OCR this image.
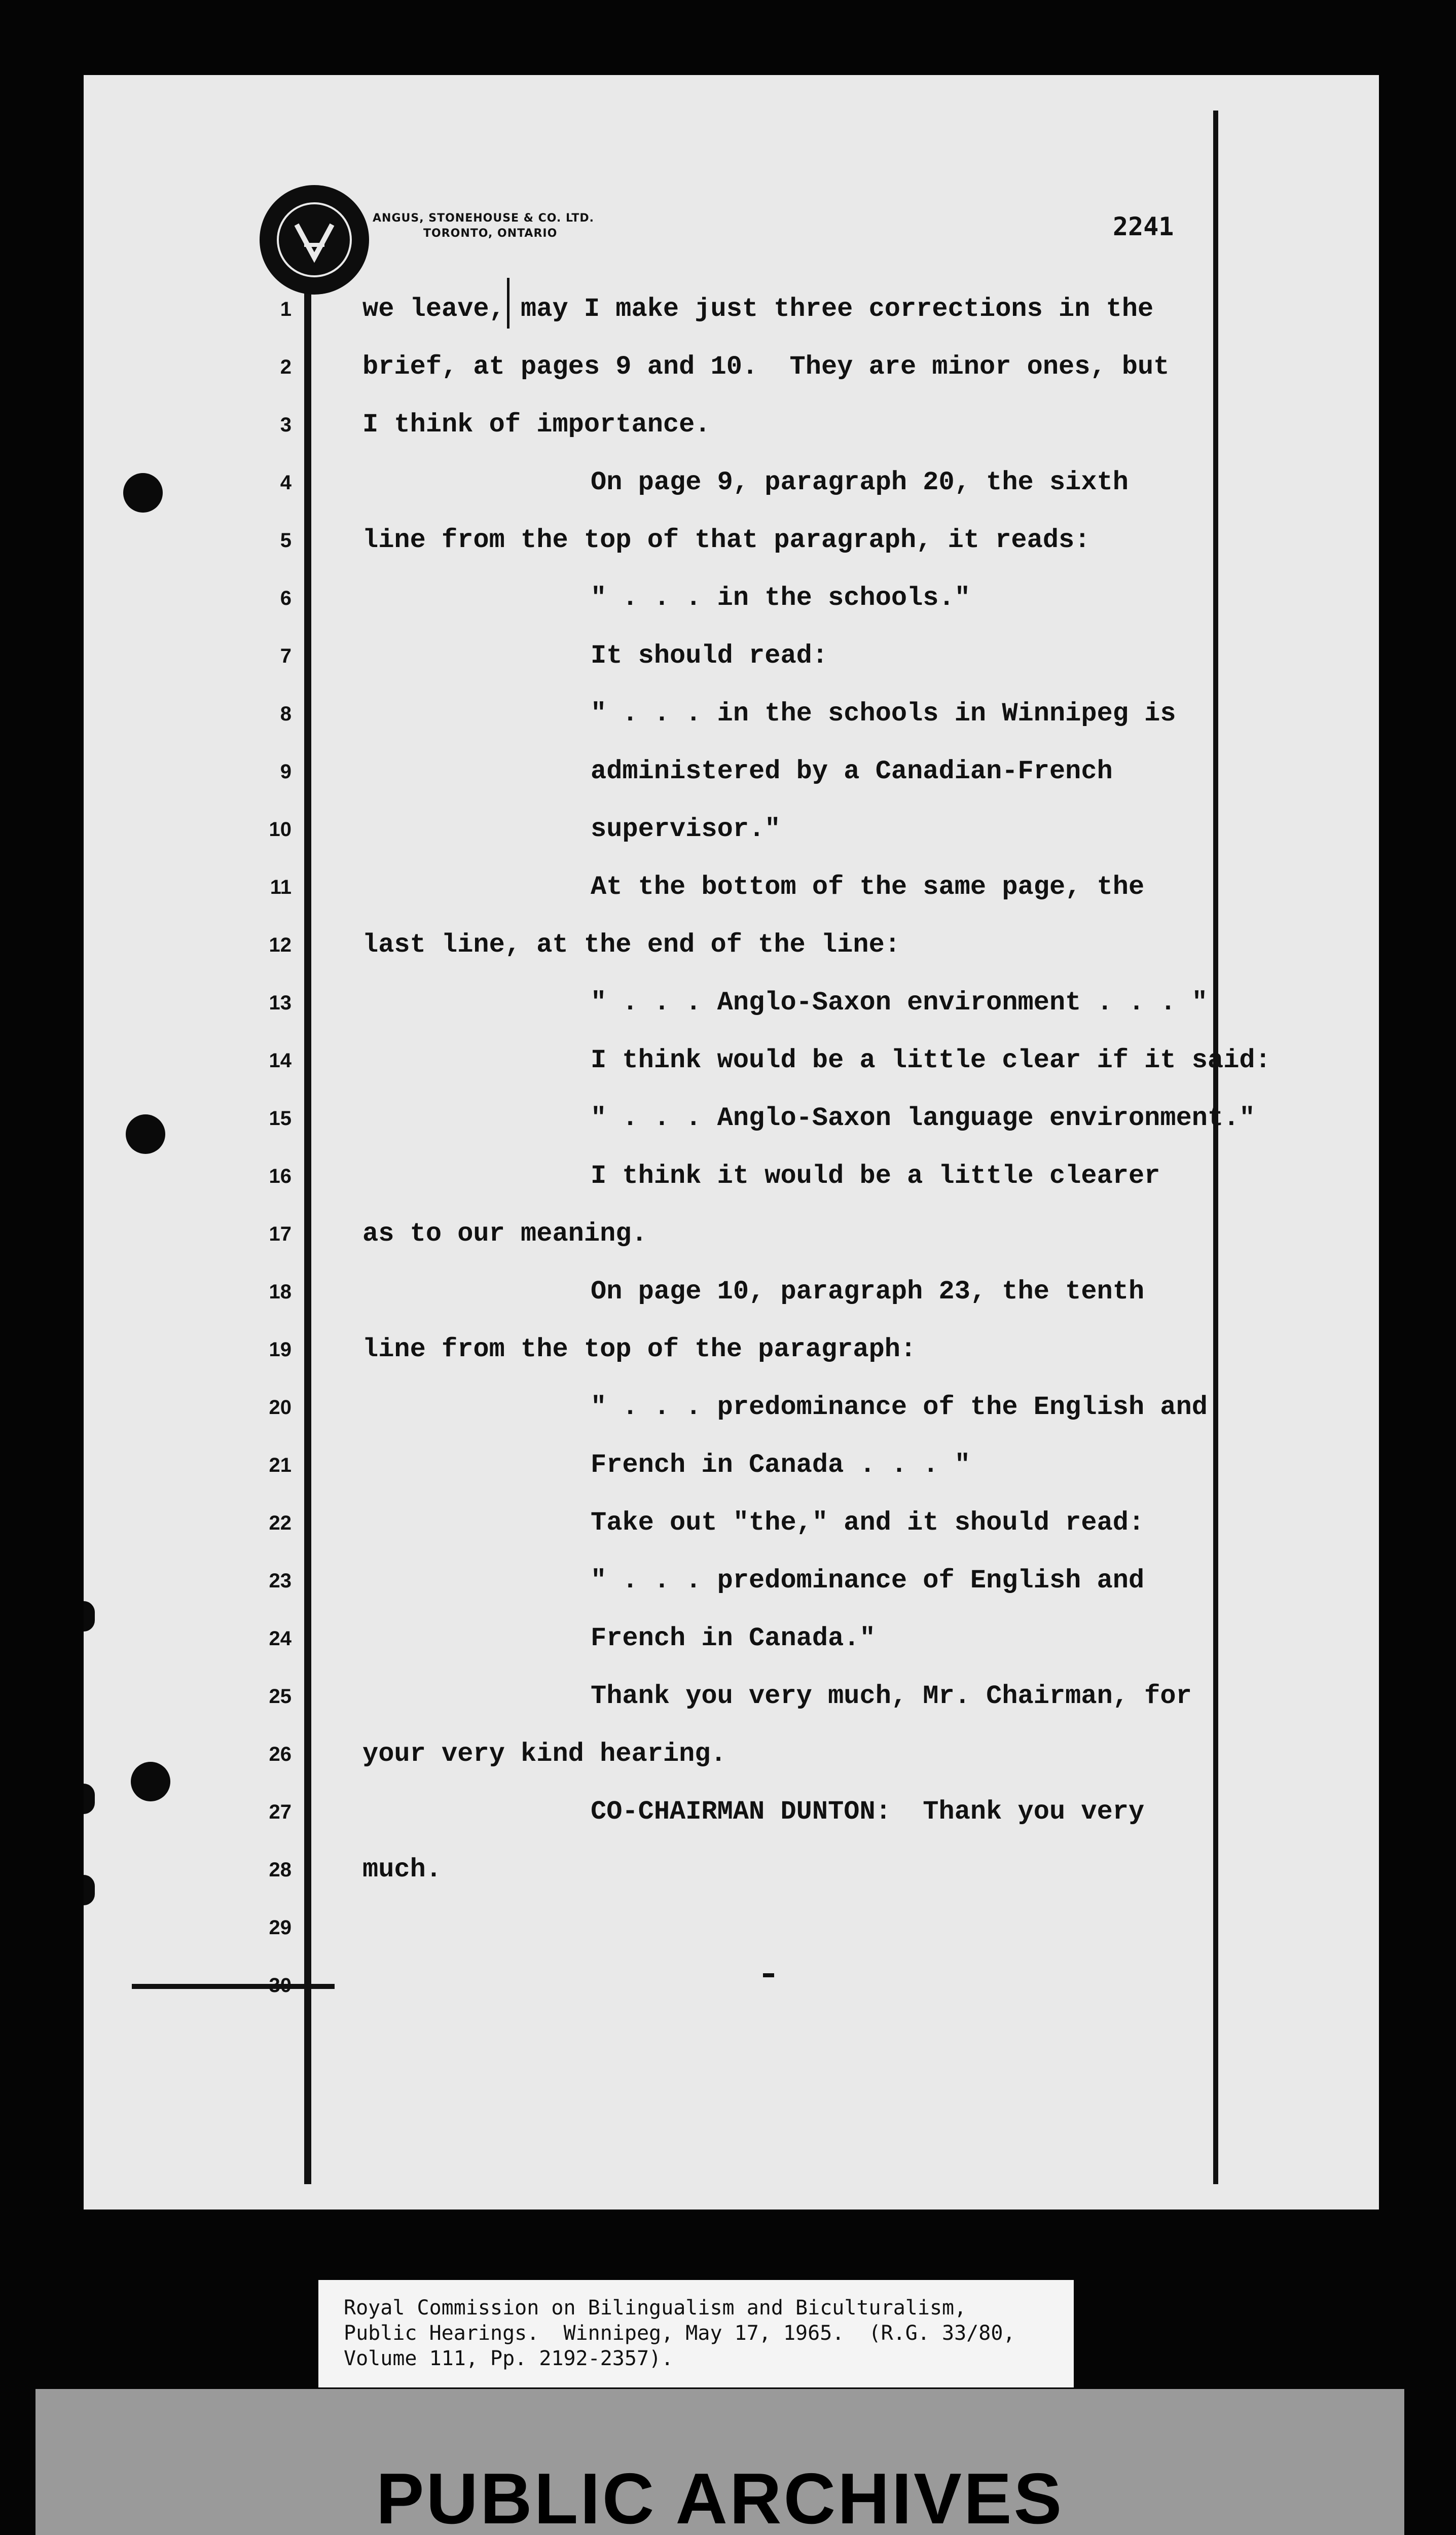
ANGUS, STONEHOUSE & CO. LTD.
TORONTO, ONTARIO	2241
1
2
3
4
5
6
7
8
9
10
11
12
13
14
15
16
17
18
19
20
21
22
23
24
25
26
27
28
29
30
we leave, may I make just three corrections in the
brief, at pages 9 and 10.  They are minor ones, but
I think of importance.
On page 9, paragraph 20, the sixth
line from the top of that paragraph, it reads:
" . . . in the schools."
It should read:
" . . . in the schools in Winnipeg is
administered by a Canadian-French
supervisor."
At the bottom of the same page, the
last line, at the end of the line:
" . . . Anglo-Saxon environment . . . "
I think would be a little clear if it said:
" . . . Anglo-Saxon language environment."
I think it would be a little clearer
as to our meaning.
On page 10, paragraph 23, the tenth
line from the top of the paragraph:
" . . . predominance of the English and
French in Canada . . . "
Take out "the," and it should read:
" . . . predominance of English and
French in Canada."
Thank you very much, Mr. Chairman, for
your very kind hearing.
CO-CHAIRMAN DUNTON:  Thank you very
much.
Royal Commission on Bilingualism and Biculturalism,
Public Hearings.  Winnipeg, May 17, 1965.  (R.G. 33/80,
Volume 111, Pp. 2192-2357).
PUBLIC ARCHIVES
